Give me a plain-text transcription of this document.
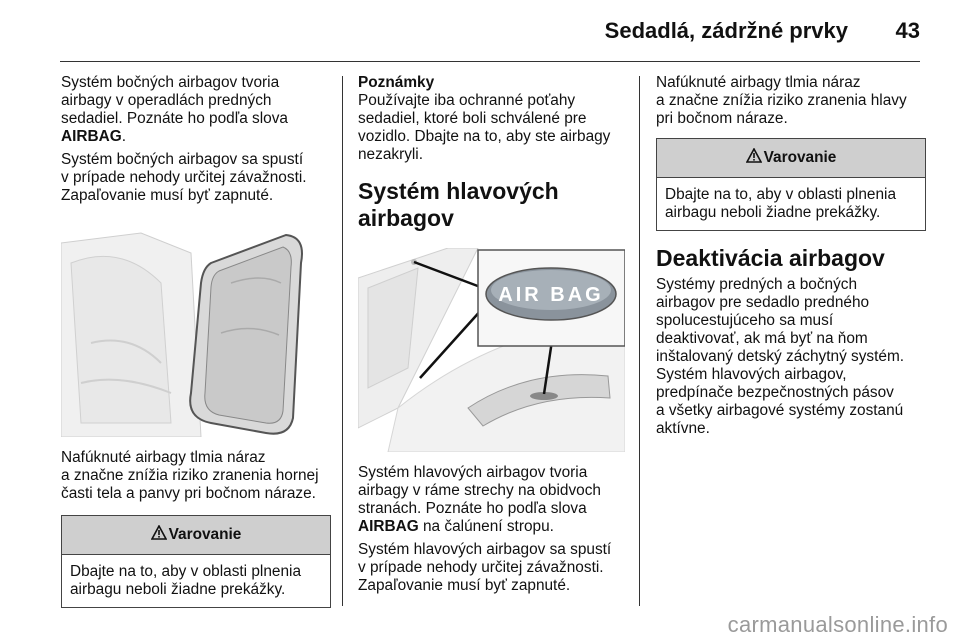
Sedadlá, zádržné prvky 43

Systém bočných airbagov tvoria
airbagy v operadlách predných
sedadiel. Poznáte ho podľa slova
AIRBAG.

Systém bočných airbagov sa spustí
v prípade nehody určitej závažnosti.
Zapaľovanie musí byť zapnuté.

Nafúknuté airbagy tlmia náraz
a značne znížia riziko zranenia hornej
časti tela a panvy pri bočnom náraze.

Varovanie
Dbajte na to, aby v oblasti plnenia
airbagu neboli žiadne prekážky.

Poznámky
Používajte iba ochranné poťahy
sedadiel, ktoré boli schválené pre
vozidlo. Dbajte na to, aby ste airbagy
nezakryli.

Systém hlavových
airbagov
AIR BAG

Systém hlavových airbagov tvoria
airbagy v ráme strechy na obidvoch
stranách. Poznáte ho podľa slova
AIRBAG na čalúnení stropu.

Systém hlavových airbagov sa spustí
v prípade nehody určitej závažnosti.
Zapaľovanie musí byť zapnuté.

Nafúknuté airbagy tlmia náraz
a značne znížia riziko zranenia hlavy
pri bočnom náraze.

Varovanie
Dbajte na to, aby v oblasti plnenia
airbagu neboli žiadne prekážky.
Deaktivácia airbagov

Systémy predných a bočných
airbagov pre sedadlo predného
spolucestujúceho sa musí
deaktivovať, ak má byť na ňom
inštalovaný detský záchytný systém.
Systém hlavových airbagov,
predpínače bezpečnostných pásov
a všetky airbagové systémy zostanú
aktívne.

carmanualsonline.info
